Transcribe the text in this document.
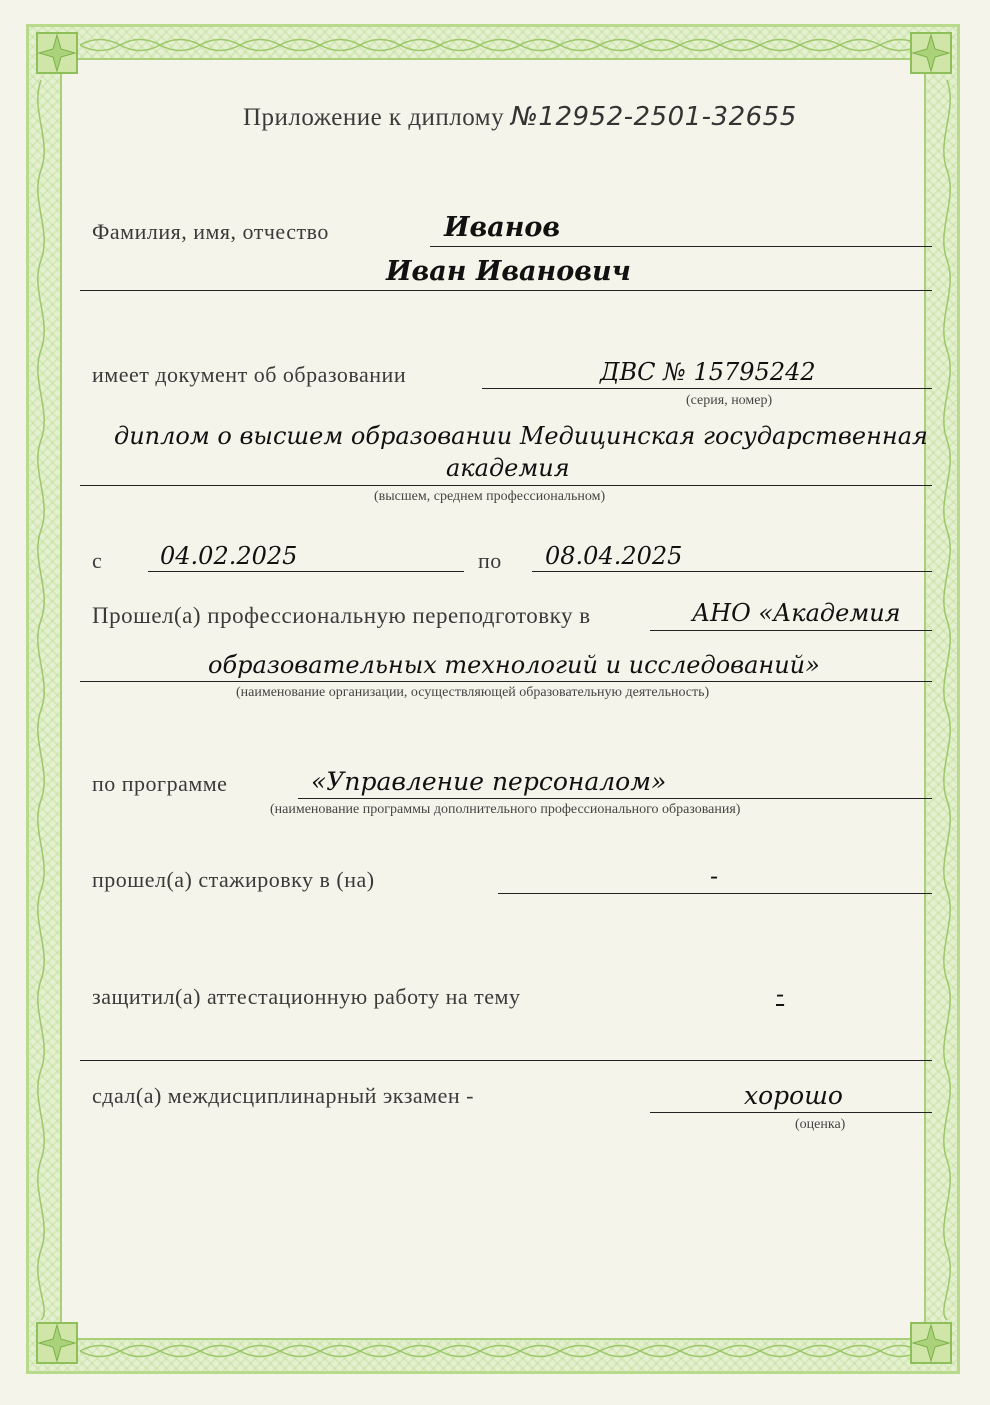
Приложение к диплому №12952-2501-32655
Фамилия, имя, отчество	Иванов
Иван Иванович
имеет документ об образовании	ДВС № 15795242
(серия, номер)
диплом о высшем образовании Медицинская государственная
академия
(высшем, среднем профессиональном)
с 04.02.2025	по 08.04.2025
Прошел(а) профессиональную переподготовку в	АНО «Академия
образовательных технологий и исследований»
(наименование организации, осуществляющей образовательную деятельность)
по программе	«Управление персоналом»
(наименование программы дополнительного профессионального образования)
прошел(а) стажировку в (на)	-
защитил(а) аттестационную работу на тему	-
сдал(а) междисциплинарный экзамен -	хорошо
(оценка)
